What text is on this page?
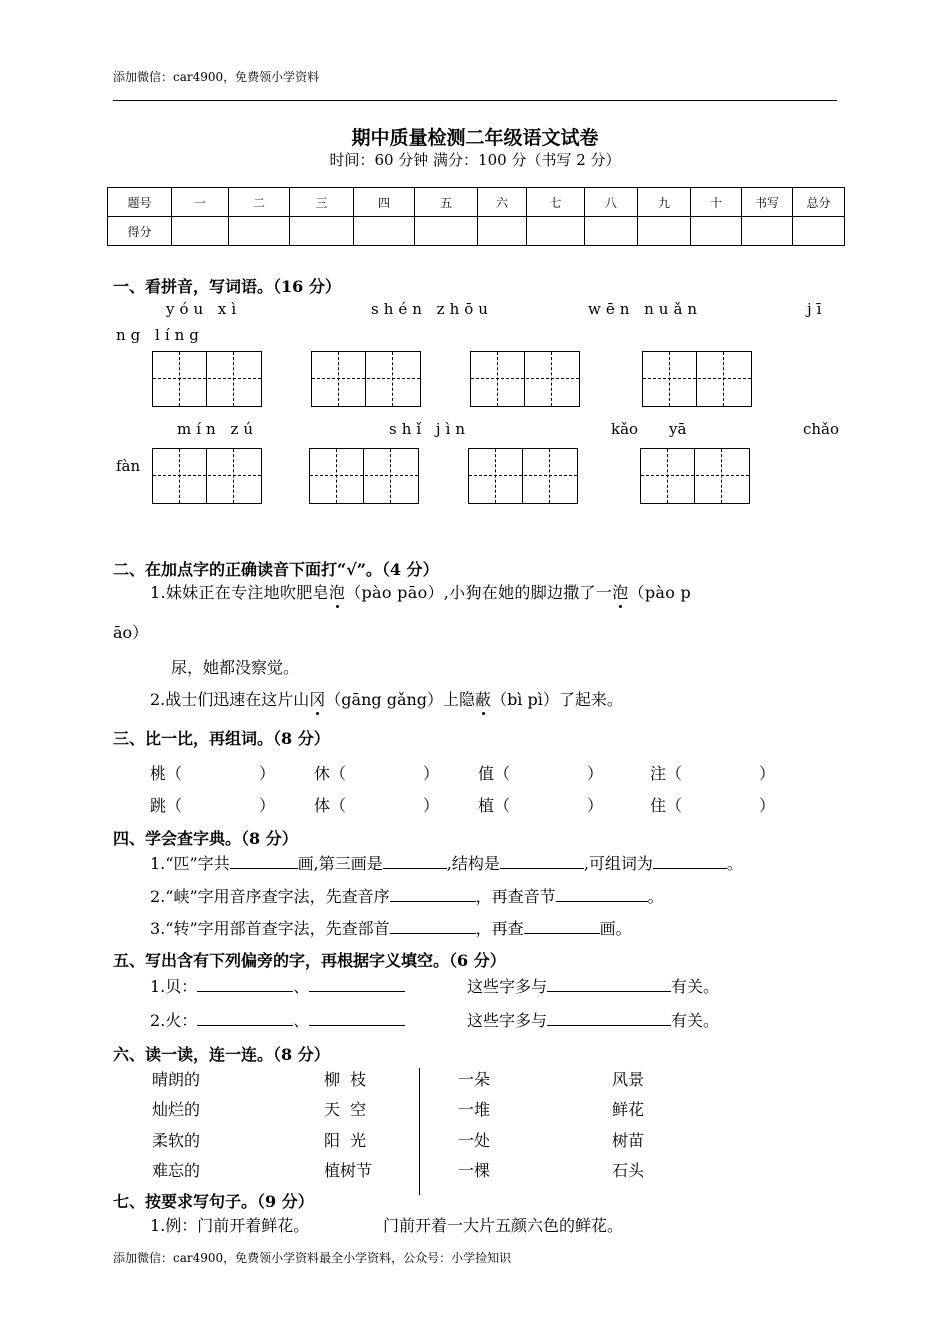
添加微信：car4900，免费领小学资料
期中质量检测二年级语文试卷
时间：60 分钟 满分：100 分（书写 2 分）
题号	一	二	三	四	五	六	七	八	九	十	书写	总分
得分												
一、看拼音，写词语。（16 分）
yóu xì	shén zhōu	wēn nuǎn	jī
ng líng
mín zú	shǐ jìn	kǎo yā	chǎo
fàn
二、在加点字的正确读音下面打“√”。（4 分）
1.妹妹正在专注地吹肥皂泡（pào pāo）,小狗在她的脚边撒了一泡（pào p
āo）
尿，她都没察觉。
2.战士们迅速在这片山冈（gāng gǎng）上隐蔽（bì pì）了起来。
三、比一比，再组词。（8 分）
桃（	） 休（	） 值（	）	注（	）
跳（	） 体（	） 植（	）	住（	）
四、学会查字典。（8 分）
1.“匹”字共	画,第三画是	,结构是	,可组词为	。
2.“峡”字用音序查字法，先查音序	，再查音节	。
3.“转”字用部首查字法，先查部首	，再查	画。
五、写出含有下列偏旁的字，再根据字义填空。（6 分）
1.贝：	、	这些字多与	有关。
2.火：	、	这些字多与	有关。
六、读一读，连一连。（8 分）
晴朗的
灿烂的
柔软的
难忘的
柳  枝
天  空
阳  光
植树节
一朵
一堆
一处
一棵
风景
鲜花
树苗
石头
七、按要求写句子。（9 分）
1.例：门前开着鲜花。	门前开着一大片五颜六色的鲜花。
添加微信：car4900，免费领小学资料最全小学资料，公众号：小学捡知识
